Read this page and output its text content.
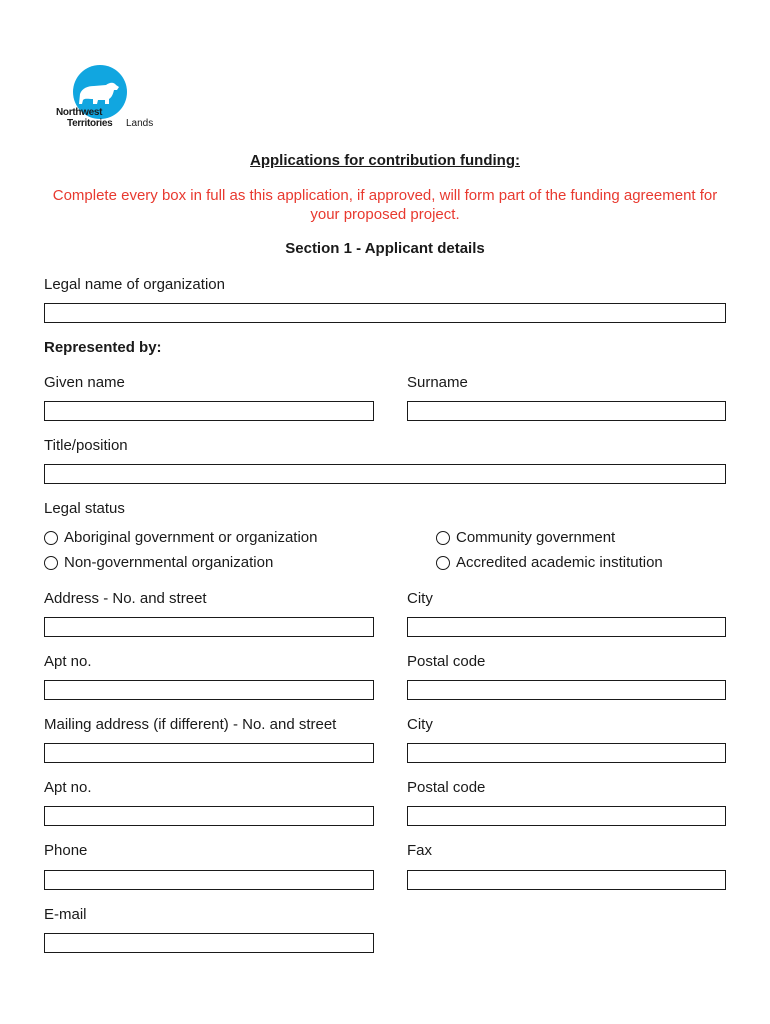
Northwest
Territories Lands
Applications for contribution funding:
Complete every box in full as this application, if approved, will form part of the funding agreement for your proposed project.
Section 1 - Applicant details
Legal name of organization
Represented by:
Given name	Surname
Title/position
Legal status
Aboriginal government or organization	Community government
Non-governmental organization	Accredited academic institution
Address - No. and street	City
Apt no.	Postal code
Mailing address (if different) - No. and street	City
Apt no.	Postal code
Phone	Fax
E-mail
